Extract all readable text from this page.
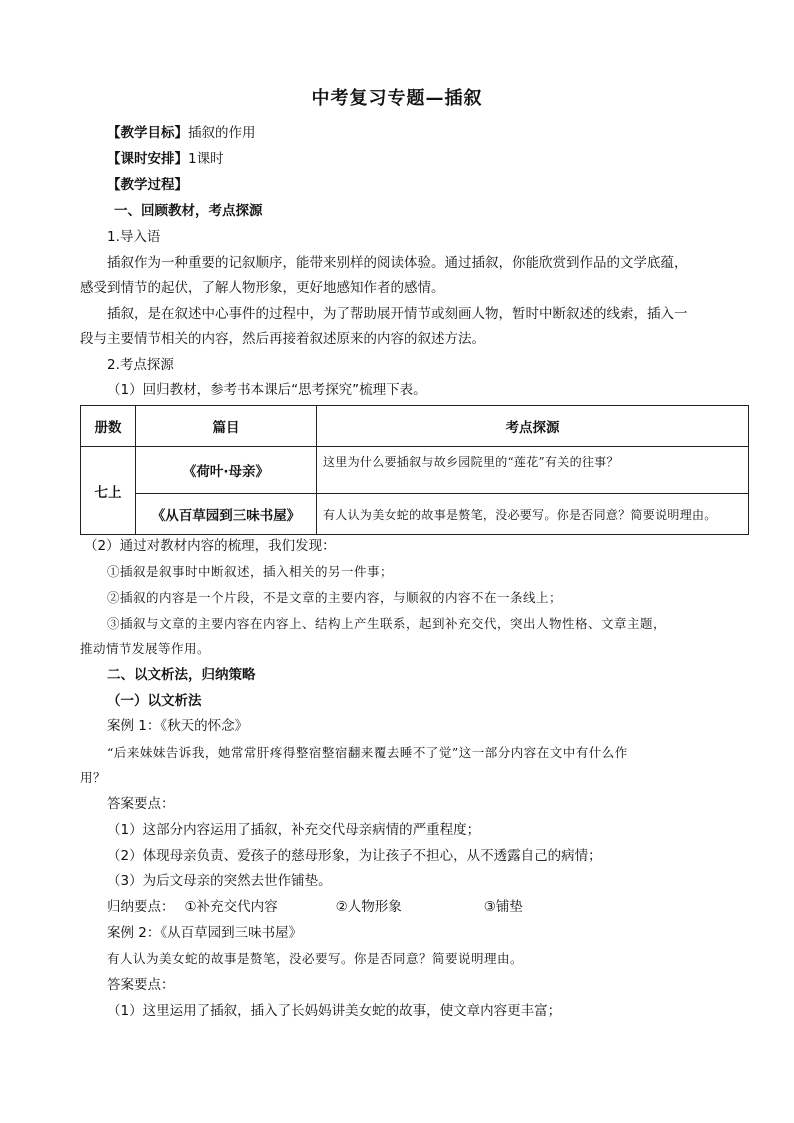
中考复习专题—插叙
【教学目标】插叙的作用
【课时安排】1课时
【教学过程】
一、回顾教材，考点探源
1.导入语
插叙作为一种重要的记叙顺序，能带来别样的阅读体验。通过插叙，你能欣赏到作品的文学底蕴，
感受到情节的起伏，了解人物形象，更好地感知作者的感情。
插叙，是在叙述中心事件的过程中，为了帮助展开情节或刻画人物，暂时中断叙述的线索，插入一
段与主要情节相关的内容，然后再接着叙述原来的内容的叙述方法。
2.考点探源
（1）回归教材，参考书本课后“思考探究”梳理下表。
册数	篇目	考点探源
七上	《荷叶·母亲》	这里为什么要插叙与故乡园院里的“莲花”有关的往事？
	《从百草园到三味书屋》	有人认为美女蛇的故事是赘笔，没必要写。你是否同意？简要说明理由。
（2）通过对教材内容的梳理，我们发现：
①插叙是叙事时中断叙述，插入相关的另一件事；
②插叙的内容是一个片段，不是文章的主要内容，与顺叙的内容不在一条线上；
③插叙与文章的主要内容在内容上、结构上产生联系，起到补充交代，突出人物性格、文章主题，
推动情节发展等作用。
二、以文析法，归纳策略
（一）以文析法
案例 1：《秋天的怀念》
“后来妹妹告诉我，她常常肝疼得整宿整宿翻来覆去睡不了觉”这一部分内容在文中有什么作
用？
答案要点：
（1）这部分内容运用了插叙，补充交代母亲病情的严重程度；
（2）体现母亲负责、爱孩子的慈母形象，为让孩子不担心，从不透露自己的病情；
（3）为后文母亲的突然去世作铺垫。
归纳要点： ①补充交代内容	②人物形象	③铺垫
案例 2：《从百草园到三味书屋》
有人认为美女蛇的故事是赘笔，没必要写。你是否同意？简要说明理由。
答案要点：
（1）这里运用了插叙，插入了长妈妈讲美女蛇的故事，使文章内容更丰富；
